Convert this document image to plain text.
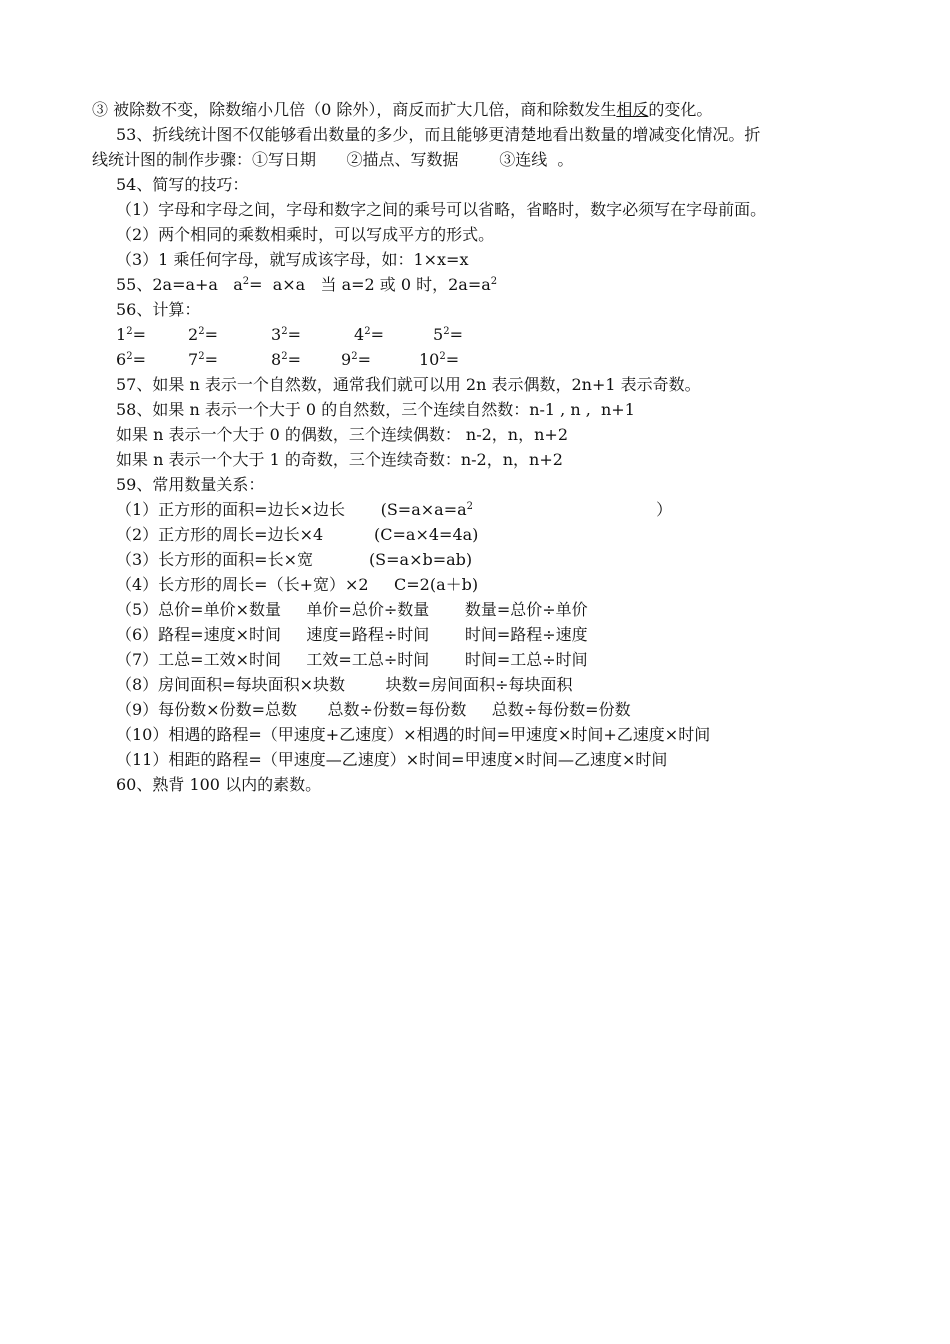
③ 被除数不变，除数缩小几倍（0 除外），商反而扩大几倍，商和除数发生相反的变化。
53、折线统计图不仅能够看出数量的多少，而且能够更清楚地看出数量的增减变化情况。折
线统计图的制作步骤：①写日期      ②描点、写数据        ③连线  。
54、简写的技巧：
（1）字母和字母之间，字母和数字之间的乘号可以省略，省略时，数字必须写在字母前面。
（2）两个相同的乘数相乘时，可以写成平方的形式。
（3）1 乘任何字母，就写成该字母，如：1×x=x
55、2a=a+a   $a^2= a\times a$   当 a=2 或 0 时，$2a=a^2$
56、计算：
$1^2=$	$2^2=$	$3^2=$	$4^2=$	$5^2=$
$6^2=$	$7^2=$	$8^2=$	$9^2=$	$10^2=$
57、如果 n 表示一个自然数，通常我们就可以用 2n 表示偶数，2n+1 表示奇数。
58、如果 n 表示一个大于 0 的自然数，三个连续自然数：n-1 , n ,  n+1
如果 n 表示一个大于 0 的偶数，三个连续偶数： n-2，n，n+2
如果 n 表示一个大于 1 的奇数，三个连续奇数：n-2，n，n+2
59、常用数量关系：
（1）正方形的面积=边长×边长       ($S=a\times a=a^2$                                    ）
（2）正方形的周长=边长×4          (C=a×4=4a)
（3）长方形的面积=长×宽           (S=a×b=ab)
（4）长方形的周长=（长+宽）×2     C=2(a＋b)
（5）总价=单价×数量     单价=总价÷数量       数量=总价÷单价
（6）路程=速度×时间     速度=路程÷时间       时间=路程÷速度
（7）工总=工效×时间     工效=工总÷时间       时间=工总÷时间
（8）房间面积=每块面积×块数        块数=房间面积÷每块面积
（9）每份数×份数=总数      总数÷份数=每份数     总数÷每份数=份数
（10）相遇的路程=（甲速度+乙速度）×相遇的时间=甲速度×时间+乙速度×时间
（11）相距的路程=（甲速度—乙速度）×时间=甲速度×时间—乙速度×时间
60、熟背 100 以内的素数。
